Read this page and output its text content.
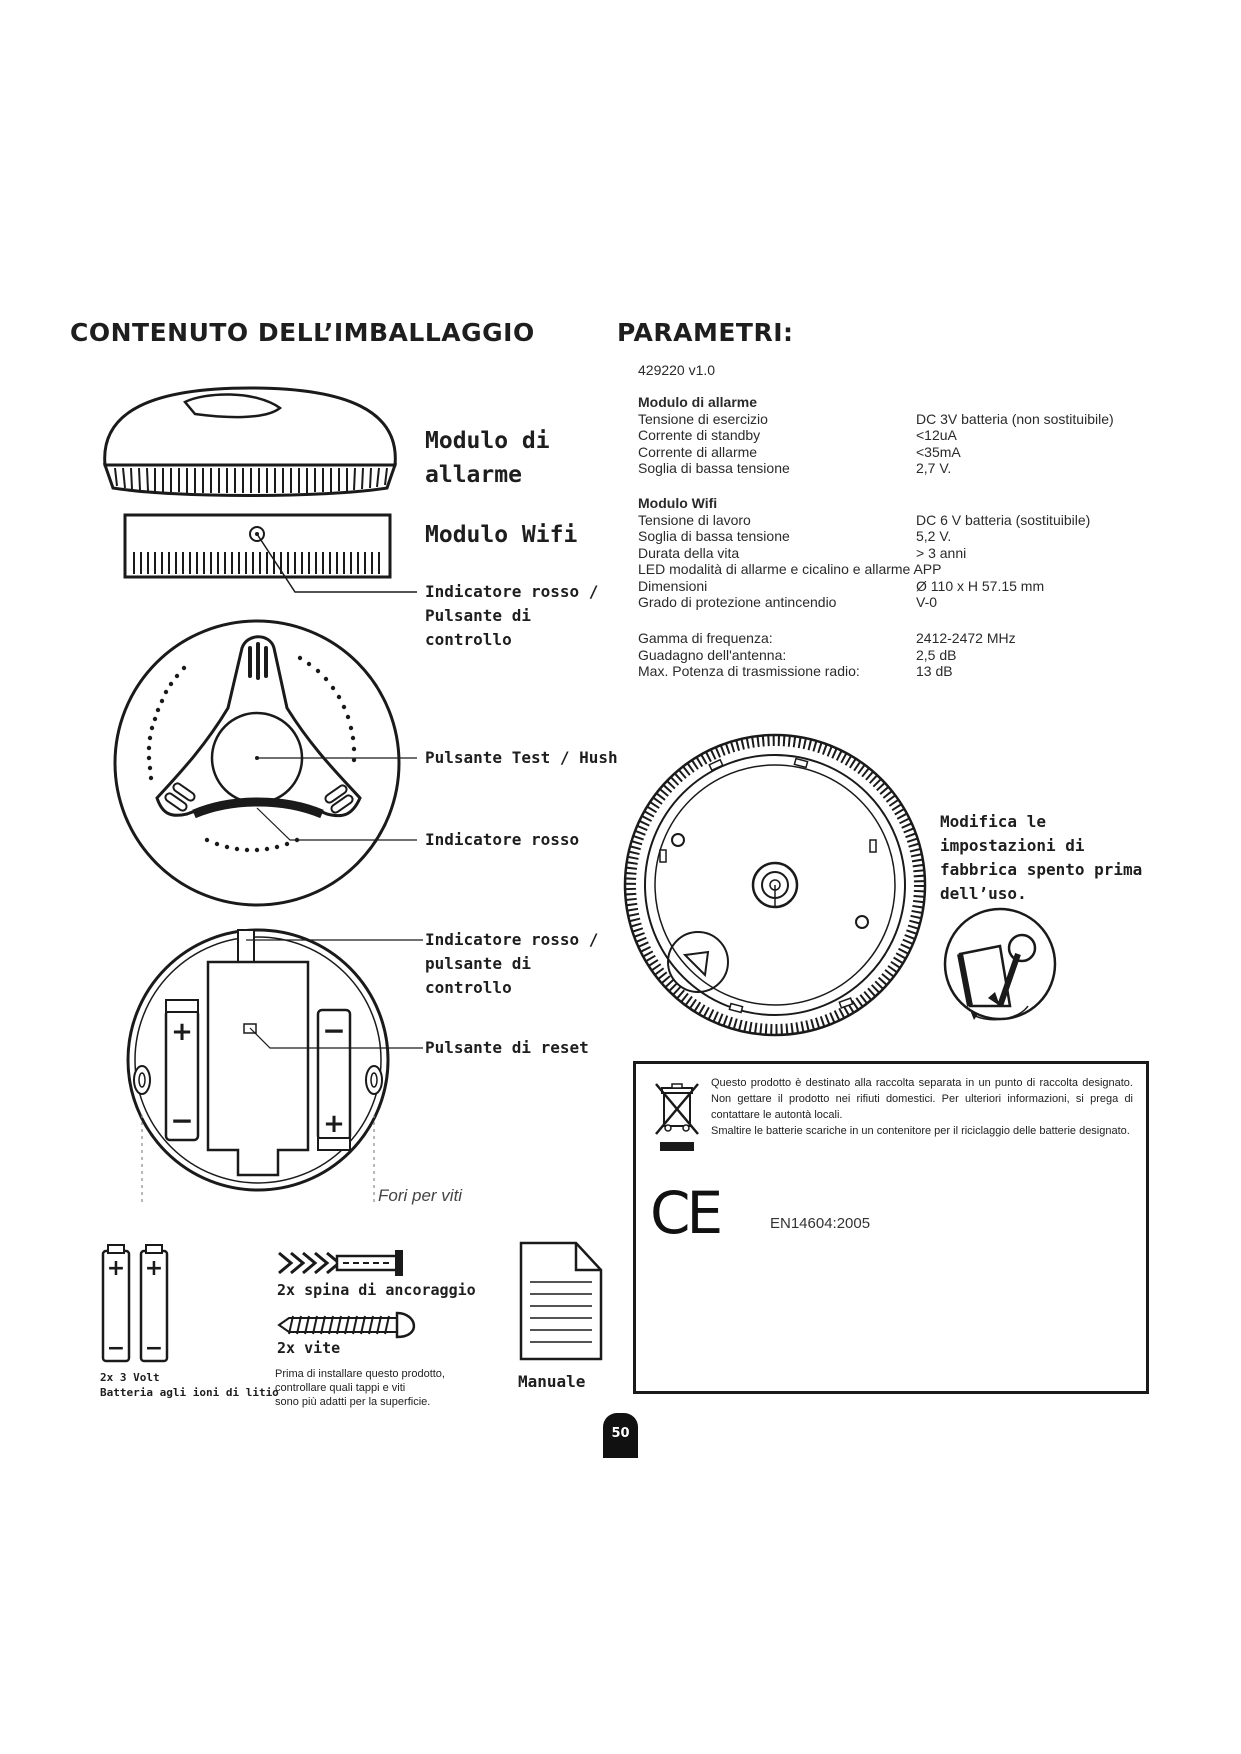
CONTENUTO DELL’IMBALLAGGIO	PARAMETRI:
Modulo di allarme
Modulo Wifi
Indicatore rosso / Pulsante di controllo
Pulsante Test / Hush
Indicatore rosso
+
−
−
+
Indicatore rosso / pulsante di controllo
Pulsante di reset
Fori per viti
+
−
+
−
2x 3 Volt
Batteria agli ioni di litio
2x spina di ancoraggio
2x vite
Prima di installare questo prodotto,
controllare quali tappi e viti
sono più adatti per la superficie.
Manuale
429220 v1.0
Modulo di allarme
Tensione di esercizio	DC 3V batteria (non sostituibile)
Corrente di standby	<12uA
Corrente di allarme	<35mA
Soglia di bassa tensione	2,7 V.
Modulo Wifi
Tensione di lavoro	DC 6 V batteria (sostituibile)
Soglia di bassa tensione	5,2 V.
Durata della vita	> 3 anni
LED modalità di allarme e cicalino e allarme APP
Dimensioni	Ø 110 x H 57.15 mm
Grado di protezione antincendio	V-0
Gamma di frequenza:	2412-2472 MHz
Guadagno dell'antenna:	2,5 dB
Max. Potenza di trasmissione radio:	13 dB
Modifica le impostazioni di fabbrica spento prima dell’uso.
Questo prodotto è destinato alla raccolta separata in un punto di raccolta designato. Non gettare il prodotto nei rifiuti domestici. Per ulteriori informazioni, si prega di contattare le autontà locali.
Smaltire le batterie scariche in un contenitore per il riciclaggio delle batterie designato.
CE	EN14604:2005
50
